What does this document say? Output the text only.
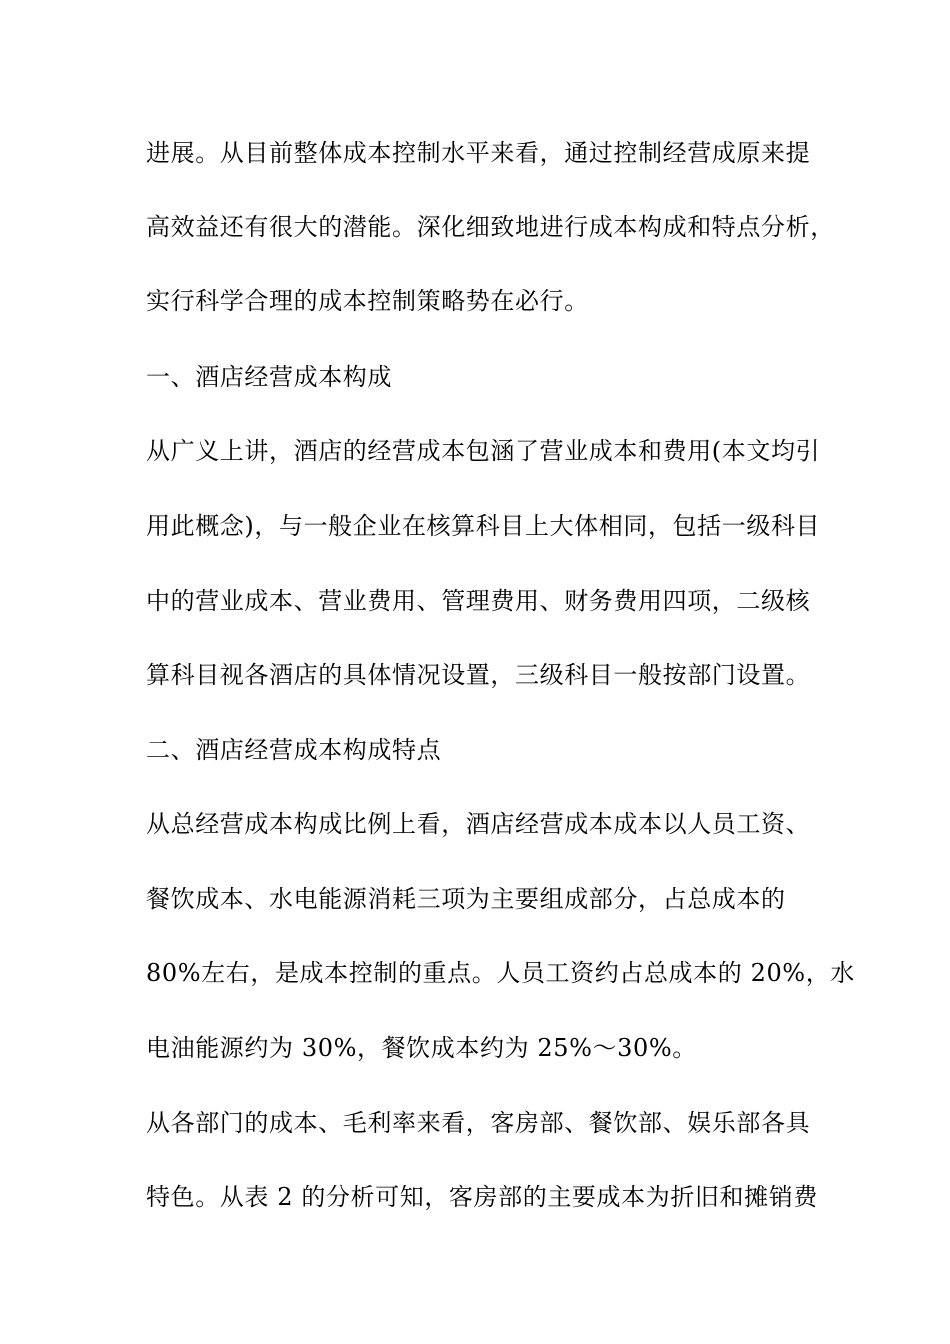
进展。从目前整体成本控制水平来看，通过控制经营成原来提
高效益还有很大的潜能。深化细致地进行成本构成和特点分析，
实行科学合理的成本控制策略势在必行。
一、酒店经营成本构成
从广义上讲，酒店的经营成本包涵了营业成本和费用(本文均引
用此概念)，与一般企业在核算科目上大体相同，包括一级科目
中的营业成本、营业费用、管理费用、财务费用四项，二级核
算科目视各酒店的具体情况设置，三级科目一般按部门设置。
二、酒店经营成本构成特点
从总经营成本构成比例上看，酒店经营成本成本以人员工资、
餐饮成本、水电能源消耗三项为主要组成部分，占总成本的
80%左右，是成本控制的重点。人员工资约占总成本的 20%，水
电油能源约为 30%，餐饮成本约为 25%～30%。
从各部门的成本、毛利率来看，客房部、餐饮部、娱乐部各具
特色。从表 2 的分析可知，客房部的主要成本为折旧和摊销费
